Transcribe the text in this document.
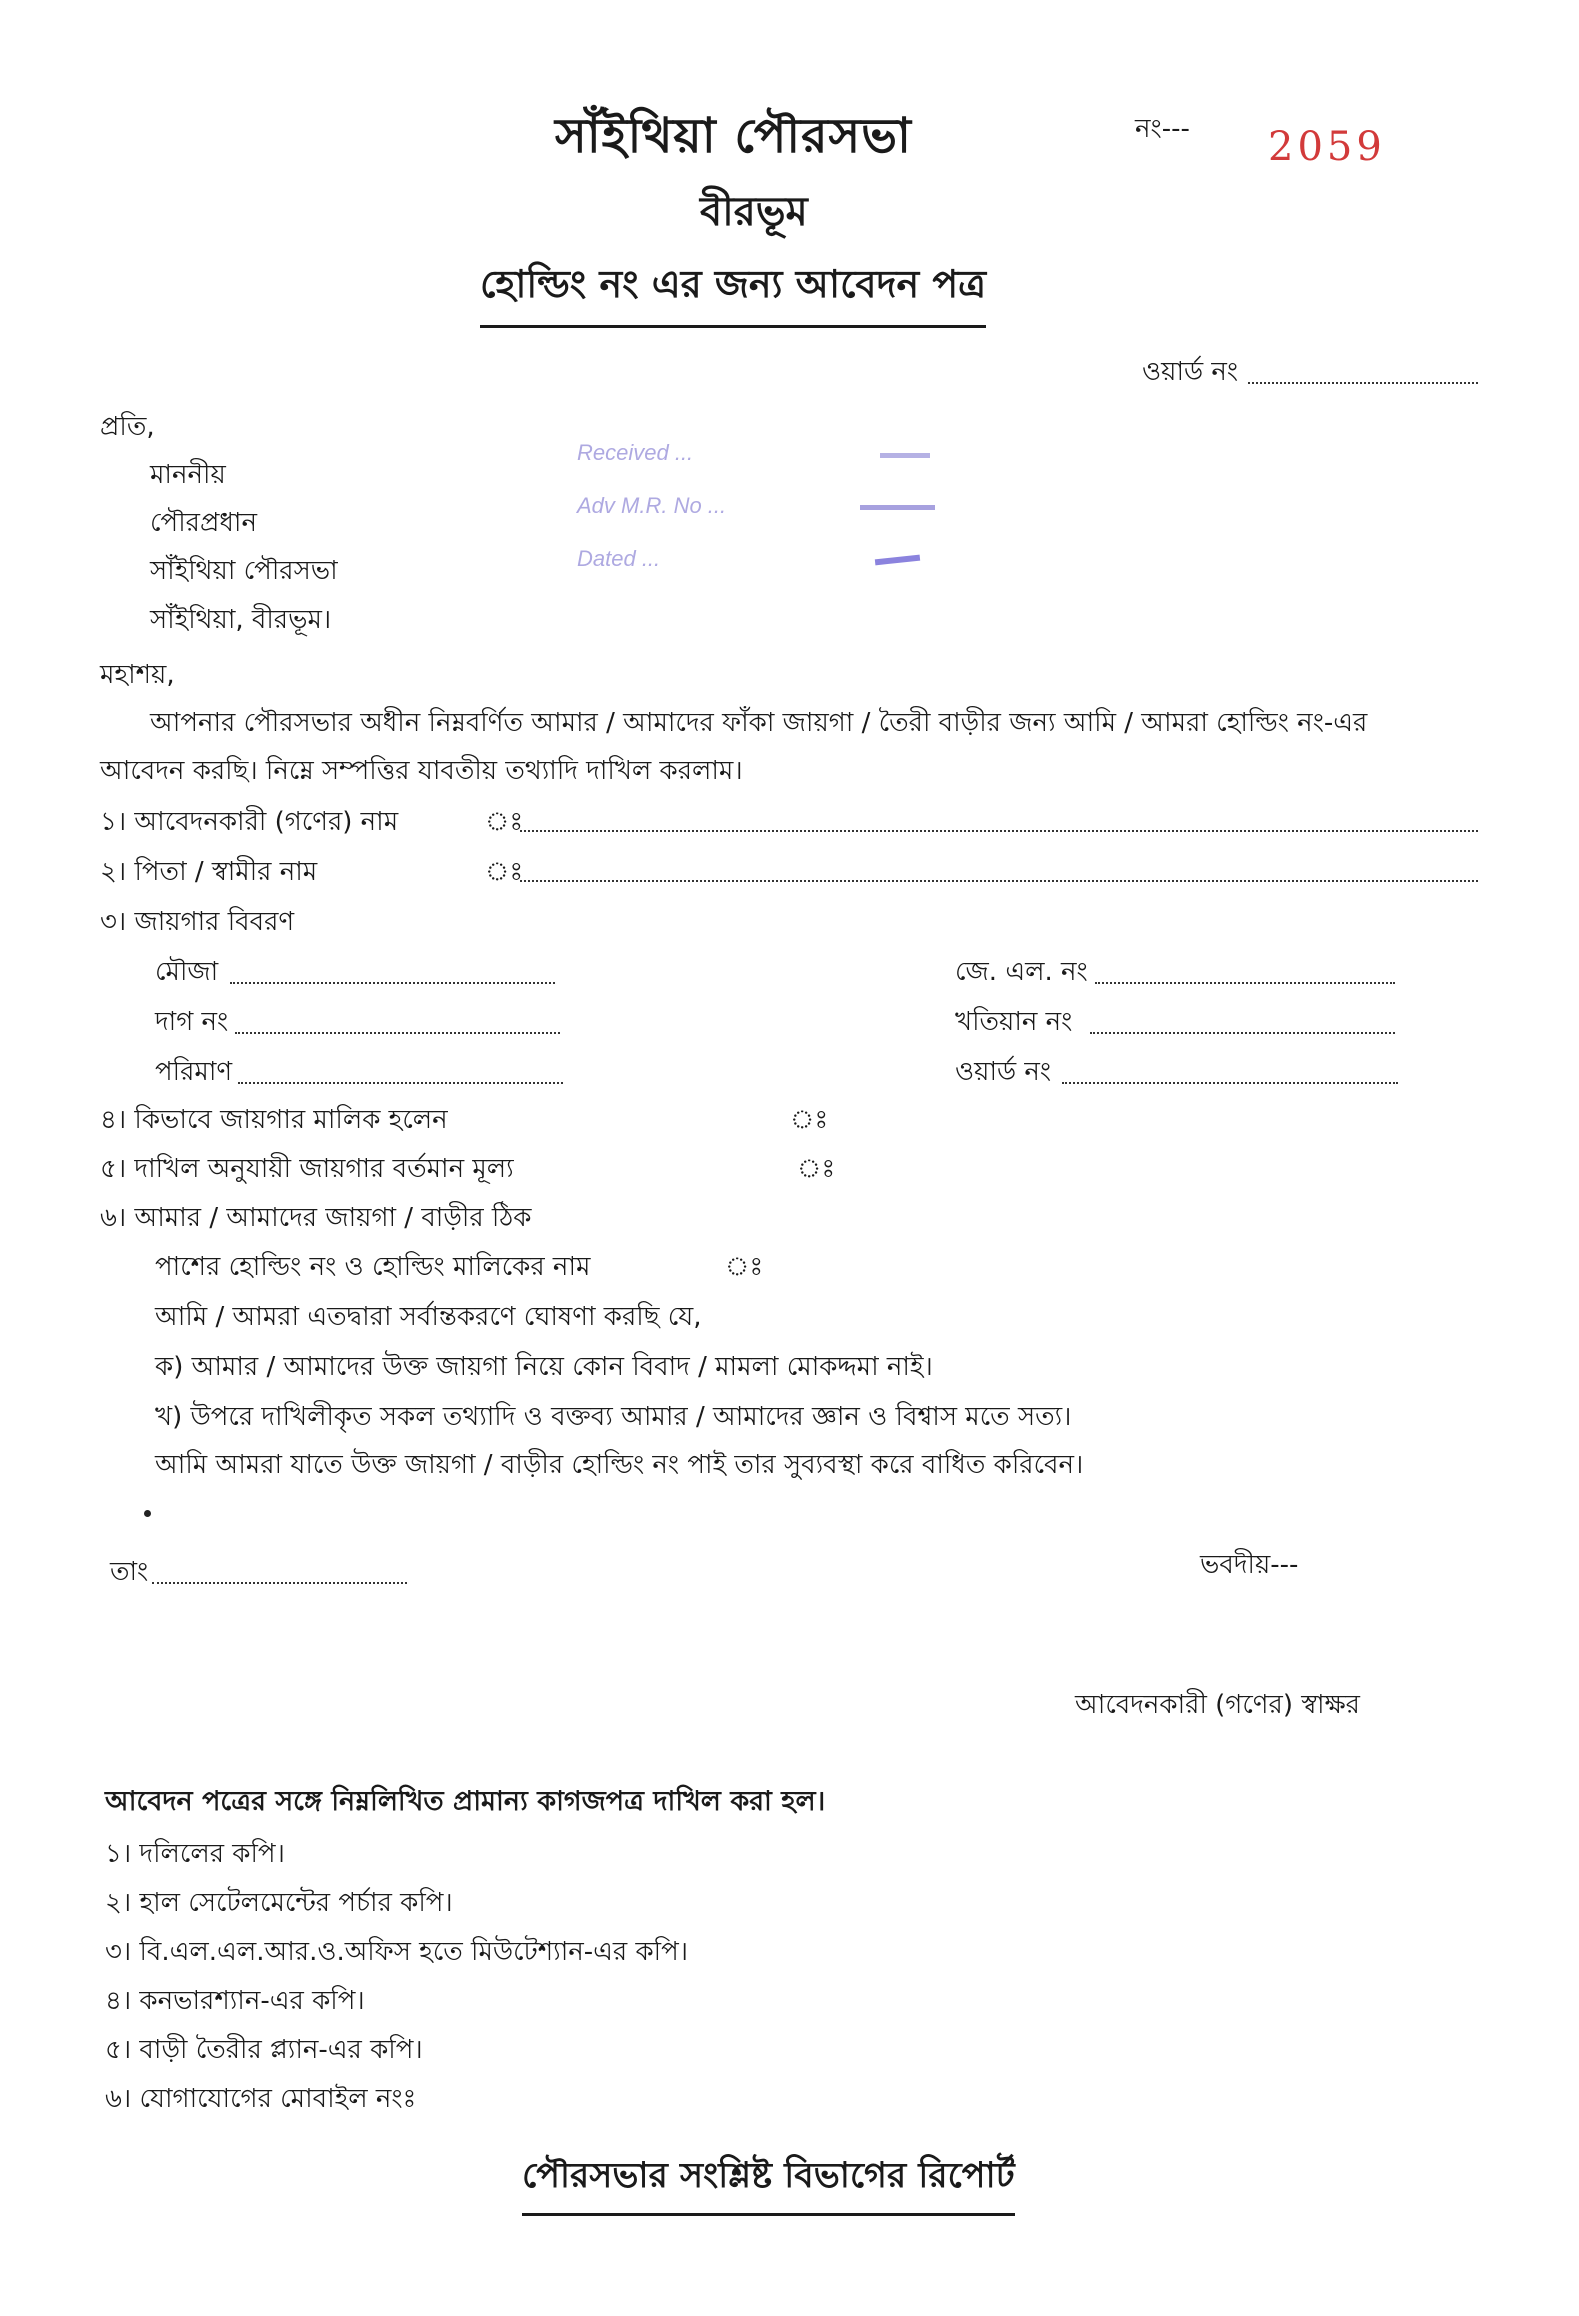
সাঁইথিয়া পৌরসভা	নং--- 2059
বীরভূম
হোল্ডিং নং এর জন্য আবেদন পত্র
ওয়ার্ড নং
Received ...
Adv M.R. No ...
Dated ...
প্রতি,
মাননীয়
পৌরপ্রধান
সাঁইথিয়া পৌরসভা
সাঁইথিয়া, বীরভূম।
মহাশয়,
আপনার পৌরসভার অধীন নিম্নবর্ণিত আমার / আমাদের ফাঁকা জায়গা / তৈরী বাড়ীর জন্য আমি / আমরা হোল্ডিং নং-এর
আবেদন করছি। নিম্নে সম্পত্তির যাবতীয় তথ্যাদি দাখিল করলাম।
১। আবেদনকারী (গণের) নাম	ঃ
২। পিতা / স্বামীর নাম	ঃ
৩। জায়গার বিবরণ
মৌজা	জে. এল. নং
দাগ নং	খতিয়ান নং
পরিমাণ	ওয়ার্ড নং
৪। কিভাবে জায়গার মালিক হলেন	ঃ
৫। দাখিল অনুযায়ী জায়গার বর্তমান মূল্য	ঃ
৬। আমার / আমাদের জায়গা / বাড়ীর ঠিক
পাশের হোল্ডিং নং ও হোল্ডিং মালিকের নাম	ঃ
আমি / আমরা এতদ্বারা সর্বান্তকরণে ঘোষণা করছি যে,
ক) আমার / আমাদের উক্ত জায়গা নিয়ে কোন বিবাদ / মামলা মোকদ্দমা নাই।
খ) উপরে দাখিলীকৃত সকল তথ্যাদি ও বক্তব্য আমার / আমাদের জ্ঞান ও বিশ্বাস মতে সত্য।
আমি আমরা যাতে উক্ত জায়গা / বাড়ীর হোল্ডিং নং পাই তার সুব্যবস্থা করে বাধিত করিবেন।
তাং	ভবদীয়---
আবেদনকারী (গণের) স্বাক্ষর
আবেদন পত্রের সঙ্গে নিম্নলিখিত প্রামান্য কাগজপত্র দাখিল করা হল।
১। দলিলের কপি।
২। হাল সেটেলমেন্টের পর্চার কপি।
৩। বি.এল.এল.আর.ও.অফিস হতে মিউটেশ্যান-এর কপি।
৪। কনভারশ্যান-এর কপি।
৫। বাড়ী তৈরীর প্ল্যান-এর কপি।
৬। যোগাযোগের মোবাইল নংঃ
পৌরসভার সংশ্লিষ্ট বিভাগের রিপোর্ট
